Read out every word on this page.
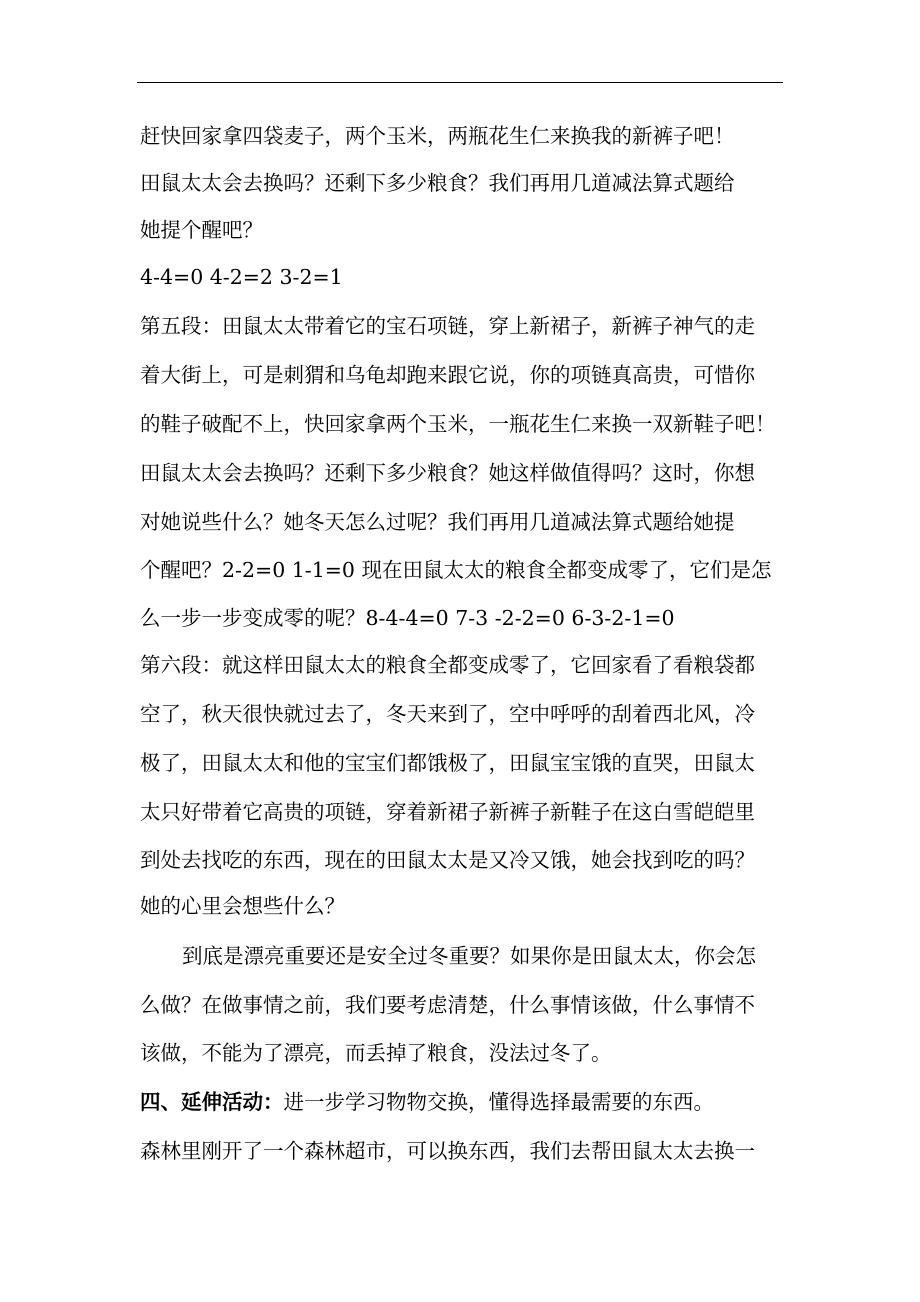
赶快回家拿四袋麦子，两个玉米，两瓶花生仁来换我的新裤子吧！
田鼠太太会去换吗？还剩下多少粮食？我们再用几道减法算式题给
她提个醒吧？
4-4=0 4-2=2 3-2=1
第五段：田鼠太太带着它的宝石项链，穿上新裙子，新裤子神气的走
着大街上，可是刺猬和乌龟却跑来跟它说，你的项链真高贵，可惜你
的鞋子破配不上，快回家拿两个玉米，一瓶花生仁来换一双新鞋子吧！
田鼠太太会去换吗？还剩下多少粮食？她这样做值得吗？这时，你想
对她说些什么？她冬天怎么过呢？我们再用几道减法算式题给她提
个醒吧？2-2=0 1-1=0 现在田鼠太太的粮食全都变成零了，它们是怎
么一步一步变成零的呢？8-4-4=0 7-3 -2-2=0 6-3-2-1=0
第六段：就这样田鼠太太的粮食全都变成零了，它回家看了看粮袋都
空了，秋天很快就过去了，冬天来到了，空中呼呼的刮着西北风，冷
极了，田鼠太太和他的宝宝们都饿极了，田鼠宝宝饿的直哭，田鼠太
太只好带着它高贵的项链，穿着新裙子新裤子新鞋子在这白雪皑皑里
到处去找吃的东西，现在的田鼠太太是又冷又饿，她会找到吃的吗？
她的心里会想些什么？
到底是漂亮重要还是安全过冬重要？如果你是田鼠太太，你会怎
么做？在做事情之前，我们要考虑清楚，什么事情该做，什么事情不
该做，不能为了漂亮，而丢掉了粮食，没法过冬了。
四、延伸活动：进一步学习物物交换，懂得选择最需要的东西。
森林里刚开了一个森林超市，可以换东西，我们去帮田鼠太太去换一
